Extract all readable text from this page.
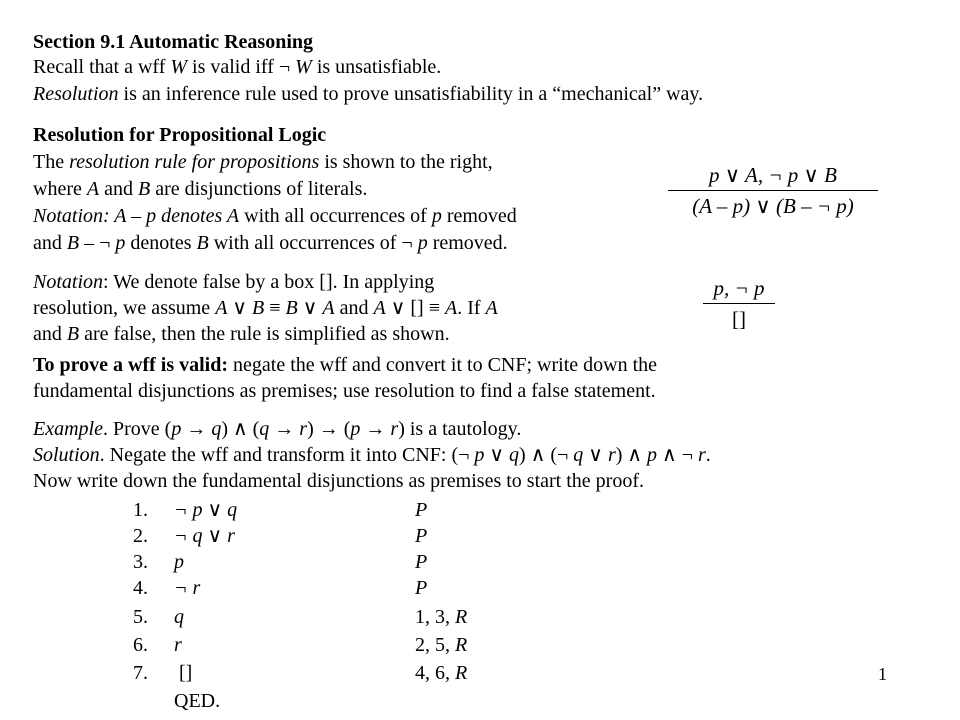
Section 9.1 Automatic Reasoning
Recall that a wff W is valid iff ¬ W is unsatisfiable.
Resolution is an inference rule used to prove unsatisfiability in a “mechanical” way.
Resolution for Propositional Logic
The resolution rule for propositions is shown to the right,
where A and B are disjunctions of literals.
Notation: A – p denotes A with all occurrences of p removed
and B – ¬ p denotes B with all occurrences of ¬ p removed.
p ∨ A, ¬ p ∨ B
(A – p) ∨ (B – ¬ p)
Notation: We denote false by a box []. In applying
resolution, we assume A ∨ B ≡ B ∨ A and A ∨ [] ≡ A. If A
and B are false, then the rule is simplified as shown.
p, ¬ p
[]
To prove a wff is valid: negate the wff and convert it to CNF; write down the
fundamental disjunctions as premises; use resolution to find a false statement.
Example. Prove (p → q) ∧ (q → r) → (p → r) is a tautology.
Solution. Negate the wff and transform it into CNF: (¬ p ∨ q) ∧ (¬ q ∨ r) ∧ p ∧ ¬ r.
Now write down the fundamental disjunctions as premises to start the proof.
1. ¬ p ∨ q	P
2. ¬ q ∨ r	P
3. p	P
4. ¬ r	P
5. q	1, 3, R
6. r	2, 5, R
7. []	4, 6, R
QED.
1
